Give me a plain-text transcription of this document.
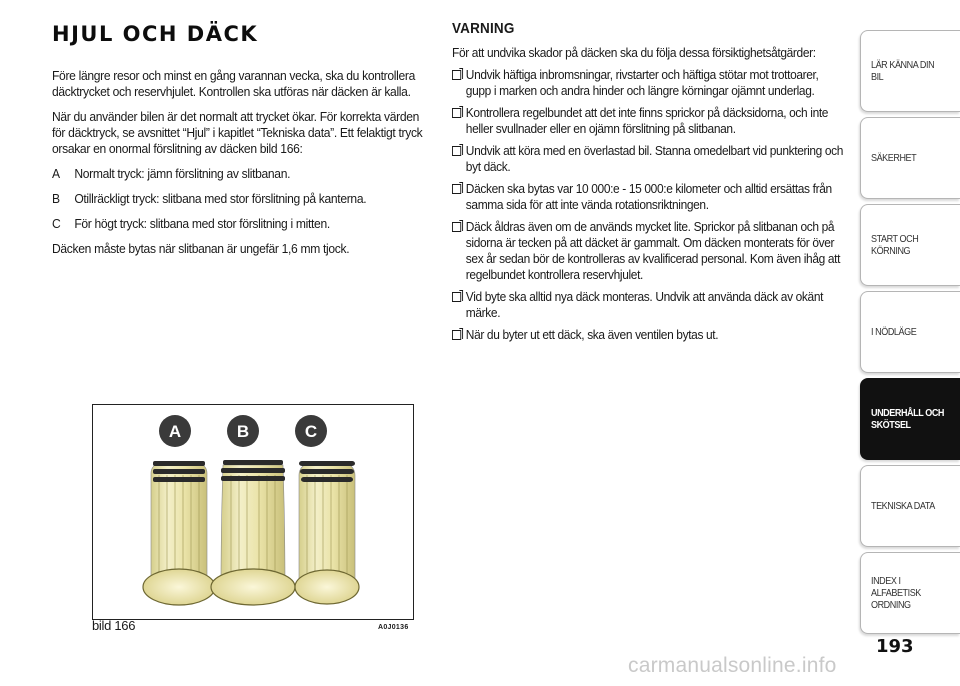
HJUL OCH DÄCK
Före längre resor och minst en gång varannan vecka, ska du kontrollera däcktrycket och reservhjulet. Kontrollen ska utföras när däcken är kalla.
När du använder bilen är det normalt att trycket ökar. För korrekta värden för däcktryck, se avsnittet “Hjul” i kapitlet “Tekniska data”. Ett felaktigt tryck orsakar en onormal förslitning av däcken bild 166:
A	Normalt tryck: jämn förslitning av slitbanan.
B	Otillräckligt tryck: slitbana med stor förslitning på kanterna.
C	För högt tryck: slitbana med stor förslitning i mitten.
Däcken måste bytas när slitbanan är ungefär 1,6 mm tjock.
A	B	C
bild 166	A0J0136
VARNING
För att undvika skador på däcken ska du följa dessa försiktighetsåtgärder:
Undvik häftiga inbromsningar, rivstarter och häftiga stötar mot trottoarer, gupp i marken och andra hinder och längre körningar ojämnt underlag.
Kontrollera regelbundet att det inte finns sprickor på däcksidorna, och inte heller svullnader eller en ojämn förslitning på slitbanan.
Undvik att köra med en överlastad bil. Stanna omedelbart vid punktering och byt däck.
Däcken ska bytas var 10 000:e - 15 000:e kilometer och alltid ersättas från samma sida för att inte vända rotationsriktningen.
Däck åldras även om de används mycket lite. Sprickor på slitbanan och på sidorna är tecken på att däcket är gammalt. Om däcken monterats för över sex år sedan bör de kontrolleras av kvalificerad personal. Kom även ihåg att regelbundet kontrollera reservhjulet.
Vid byte ska alltid nya däck monteras. Undvik att använda däck av okänt märke.
När du byter ut ett däck, ska även ventilen bytas ut.
LÄR KÄNNA DIN BIL
SÄKERHET
START OCH
KÖRNING
I NÖDLÄGE
UNDERHÅLL OCH
SKÖTSEL
TEKNISKA DATA
INDEX I ALFABETISK
ORDNING
193
carmanualsonline.info
